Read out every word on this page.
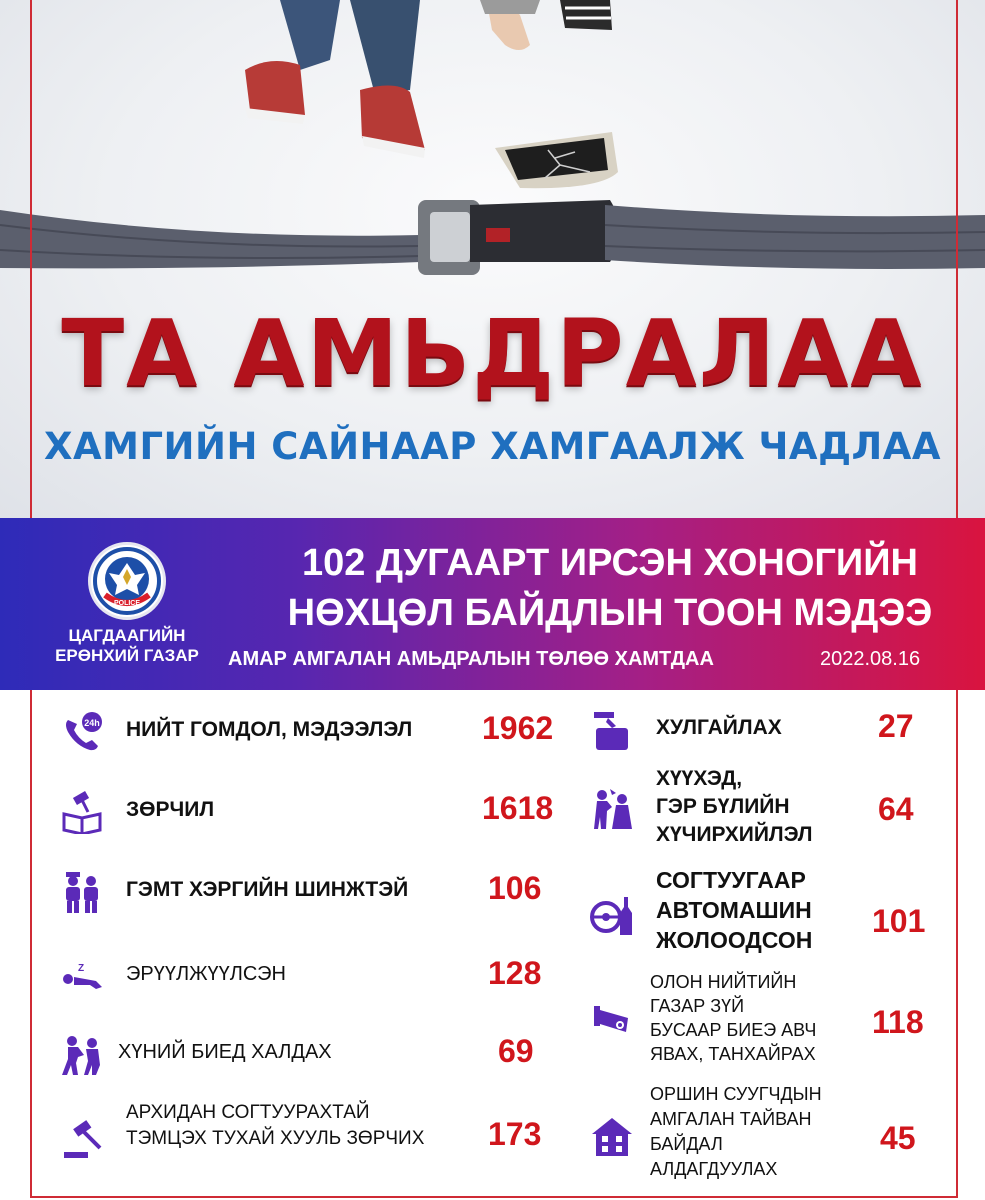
ТА АМЬДРАЛАА
ХАМГИЙН САЙНААР ХАМГААЛЖ ЧАДЛАА
POLICE
ЦАГДААГИЙН
ЕРӨНХИЙ ГАЗАР
102 ДУГААРТ ИРСЭН ХОНОГИЙН
НӨХЦӨЛ БАЙДЛЫН ТООН МЭДЭЭ
АМАР АМГАЛАН АМЬДРАЛЫН ТӨЛӨӨ ХАМТДАА	2022.08.16
24h НИЙТ ГОМДОЛ, МЭДЭЭЛЭЛ 1962
ЗӨРЧИЛ	1618
ГЭМТ ХЭРГИЙН ШИНЖТЭЙ 106
Z ЭРҮҮЛЖҮҮЛСЭН	128
ХҮНИЙ БИЕД ХАЛДАХ	69
АРХИДАН СОГТУУРАХТАЙ
ТЭМЦЭХ ТУХАЙ ХУУЛЬ ЗӨРЧИХ 173
ХУЛГАЙЛАХ	27
ХҮҮХЭД,
ГЭР БҮЛИЙН
ХҮЧИРХИЙЛЭЛ
64
СОГТУУГААР
АВТОМАШИН
ЖОЛООДСОН
101
ОЛОН НИЙТИЙН
ГАЗАР ЗҮЙ
БУСААР БИЕЭ АВЧ
ЯВАХ, ТАНХАЙРАХ
118
ОРШИН СУУГЧДЫН
АМГАЛАН ТАЙВАН
БАЙДАЛ
АЛДАГДУУЛАХ
45
